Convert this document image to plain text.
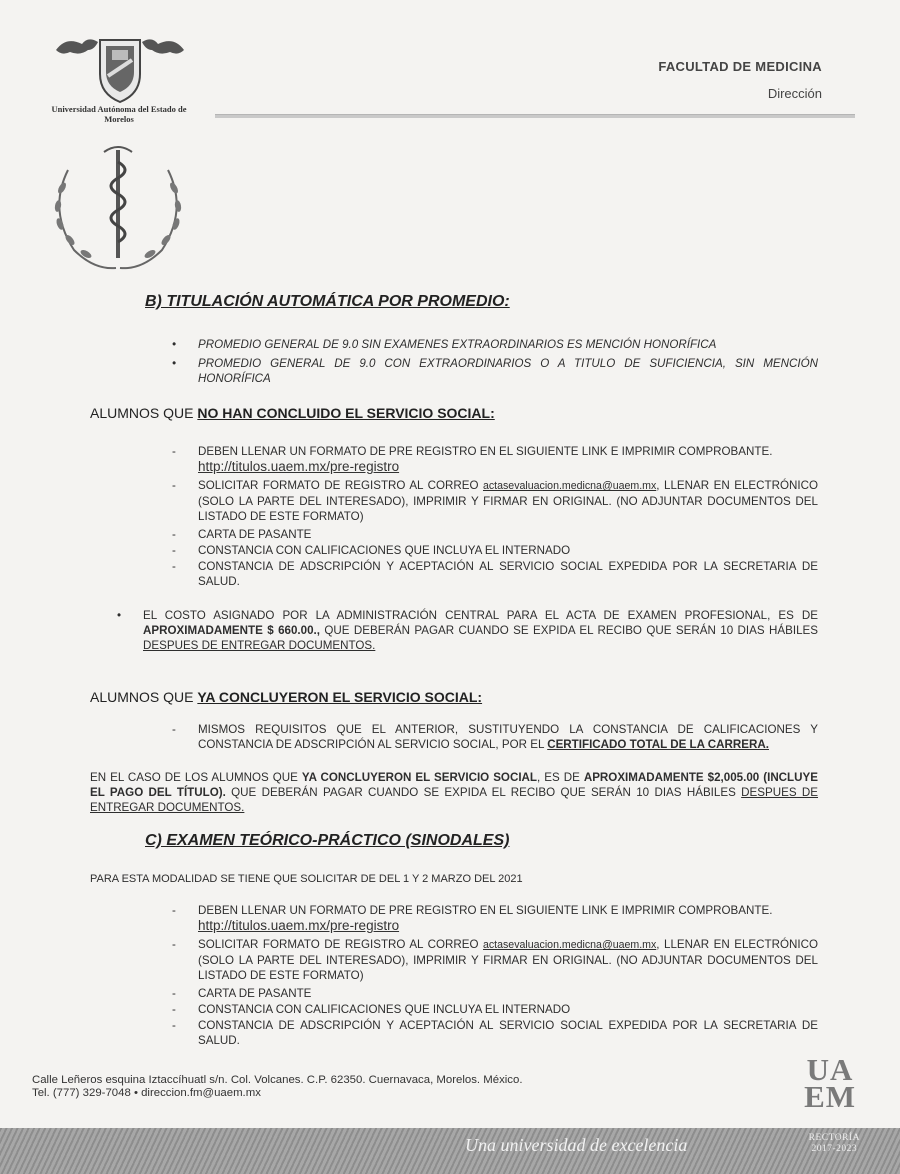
Universidad Autónoma del Estado de Morelos
FACULTAD DE MEDICINA
Dirección
B) TITULACIÓN AUTOMÁTICA POR PROMEDIO:
• PROMEDIO GENERAL DE 9.0 SIN EXAMENES EXTRAORDINARIOS ES MENCIÓN HONORÍFICA
• PROMEDIO GENERAL DE 9.0 CON EXTRAORDINARIOS O A TITULO DE SUFICIENCIA, SIN MENCIÓN HONORÍFICA
ALUMNOS QUE NO HAN CONCLUIDO EL SERVICIO SOCIAL:
- DEBEN LLENAR UN FORMATO DE PRE REGISTRO EN EL SIGUIENTE LINK E IMPRIMIR COMPROBANTE.
http://titulos.uaem.mx/pre-registro
- SOLICITAR FORMATO DE REGISTRO AL CORREO actasevaluacion.medicna@uaem.mx, LLENAR EN ELECTRÓNICO (SOLO LA PARTE DEL INTERESADO), IMPRIMIR Y FIRMAR EN ORIGINAL. (NO ADJUNTAR DOCUMENTOS DEL LISTADO DE ESTE FORMATO)
- CARTA DE PASANTE
- CONSTANCIA CON CALIFICACIONES QUE INCLUYA EL INTERNADO
- CONSTANCIA DE ADSCRIPCIÓN Y ACEPTACIÓN AL SERVICIO SOCIAL EXPEDIDA POR LA SECRETARIA DE SALUD.
• EL COSTO ASIGNADO POR LA ADMINISTRACIÓN CENTRAL PARA EL ACTA DE EXAMEN PROFESIONAL, ES DE APROXIMADAMENTE $ 660.00., QUE DEBERÁN PAGAR CUANDO SE EXPIDA EL RECIBO QUE SERÁN 10 DIAS HÁBILES DESPUES DE ENTREGAR DOCUMENTOS.
ALUMNOS QUE YA CONCLUYERON EL SERVICIO SOCIAL:
- MISMOS REQUISITOS QUE EL ANTERIOR, SUSTITUYENDO LA CONSTANCIA DE CALIFICACIONES Y CONSTANCIA DE ADSCRIPCIÓN AL SERVICIO SOCIAL, POR EL CERTIFICADO TOTAL DE LA CARRERA.
EN EL CASO DE LOS ALUMNOS QUE YA CONCLUYERON EL SERVICIO SOCIAL, ES DE APROXIMADAMENTE $2,005.00 (INCLUYE EL PAGO DEL TÍTULO). QUE DEBERÁN PAGAR CUANDO SE EXPIDA EL RECIBO QUE SERÁN 10 DIAS HÁBILES DESPUES DE ENTREGAR DOCUMENTOS.
C) EXAMEN TEÓRICO-PRÁCTICO (SINODALES)
PARA ESTA MODALIDAD SE TIENE QUE SOLICITAR DE DEL 1 Y 2 MARZO DEL 2021
- DEBEN LLENAR UN FORMATO DE PRE REGISTRO EN EL SIGUIENTE LINK E IMPRIMIR COMPROBANTE.
http://titulos.uaem.mx/pre-registro
- SOLICITAR FORMATO DE REGISTRO AL CORREO actasevaluacion.medicna@uaem.mx, LLENAR EN ELECTRÓNICO (SOLO LA PARTE DEL INTERESADO), IMPRIMIR Y FIRMAR EN ORIGINAL. (NO ADJUNTAR DOCUMENTOS DEL LISTADO DE ESTE FORMATO)
- CARTA DE PASANTE
- CONSTANCIA CON CALIFICACIONES QUE INCLUYA EL INTERNADO
- CONSTANCIA DE ADSCRIPCIÓN Y ACEPTACIÓN AL SERVICIO SOCIAL EXPEDIDA POR LA SECRETARIA DE SALUD.
Calle Leñeros esquina Iztaccíhuatl s/n. Col. Volcanes. C.P. 62350. Cuernavaca, Morelos. México.
Tel. (777) 329-7048 • direccion.fm@uaem.mx
UA
EM
Una universidad de excelencia	RECTORÍA
2017-2023
